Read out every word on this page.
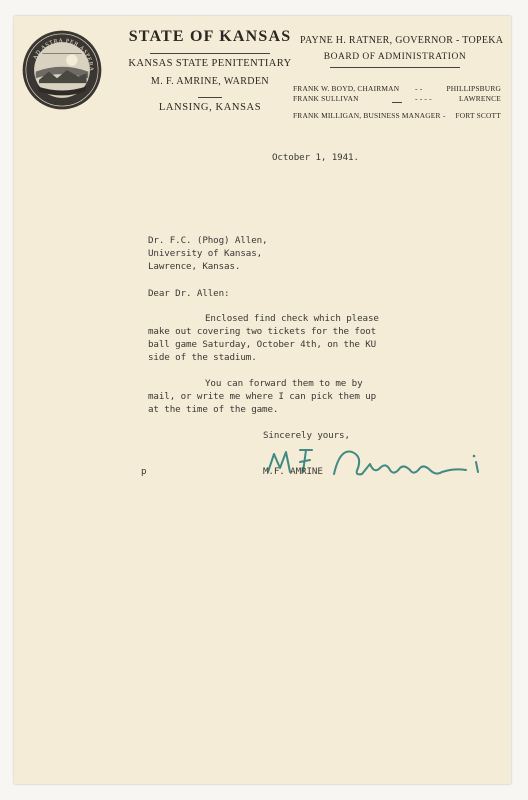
AD ASTRA PER ASPERA
STATE OF KANSAS
KANSAS STATE PENITENTIARY
M. F. AMRINE, WARDEN
LANSING, KANSAS
PAYNE H. RATNER, GOVERNOR - TOPEKA
BOARD OF ADMINISTRATION
FRANK W. BOYD, CHAIRMAN - -	PHILLIPSBURG
FRANK SULLIVAN	- - - -	LAWRENCE
FRANK MILLIGAN, BUSINESS MANAGER - FORT SCOTT
October 1, 1941.
Dr. F.C. (Phog) Allen,
University of Kansas,
Lawrence, Kansas.
Dear Dr. Allen:
Enclosed find check which please
make out covering two tickets for the foot
ball game Saturday, October 4th, on the KU
side of the stadium.
You can forward them to me by
mail, or write me where I can pick them up
at the time of the game.
Sincerely yours,
M.F. AMRINE
p
